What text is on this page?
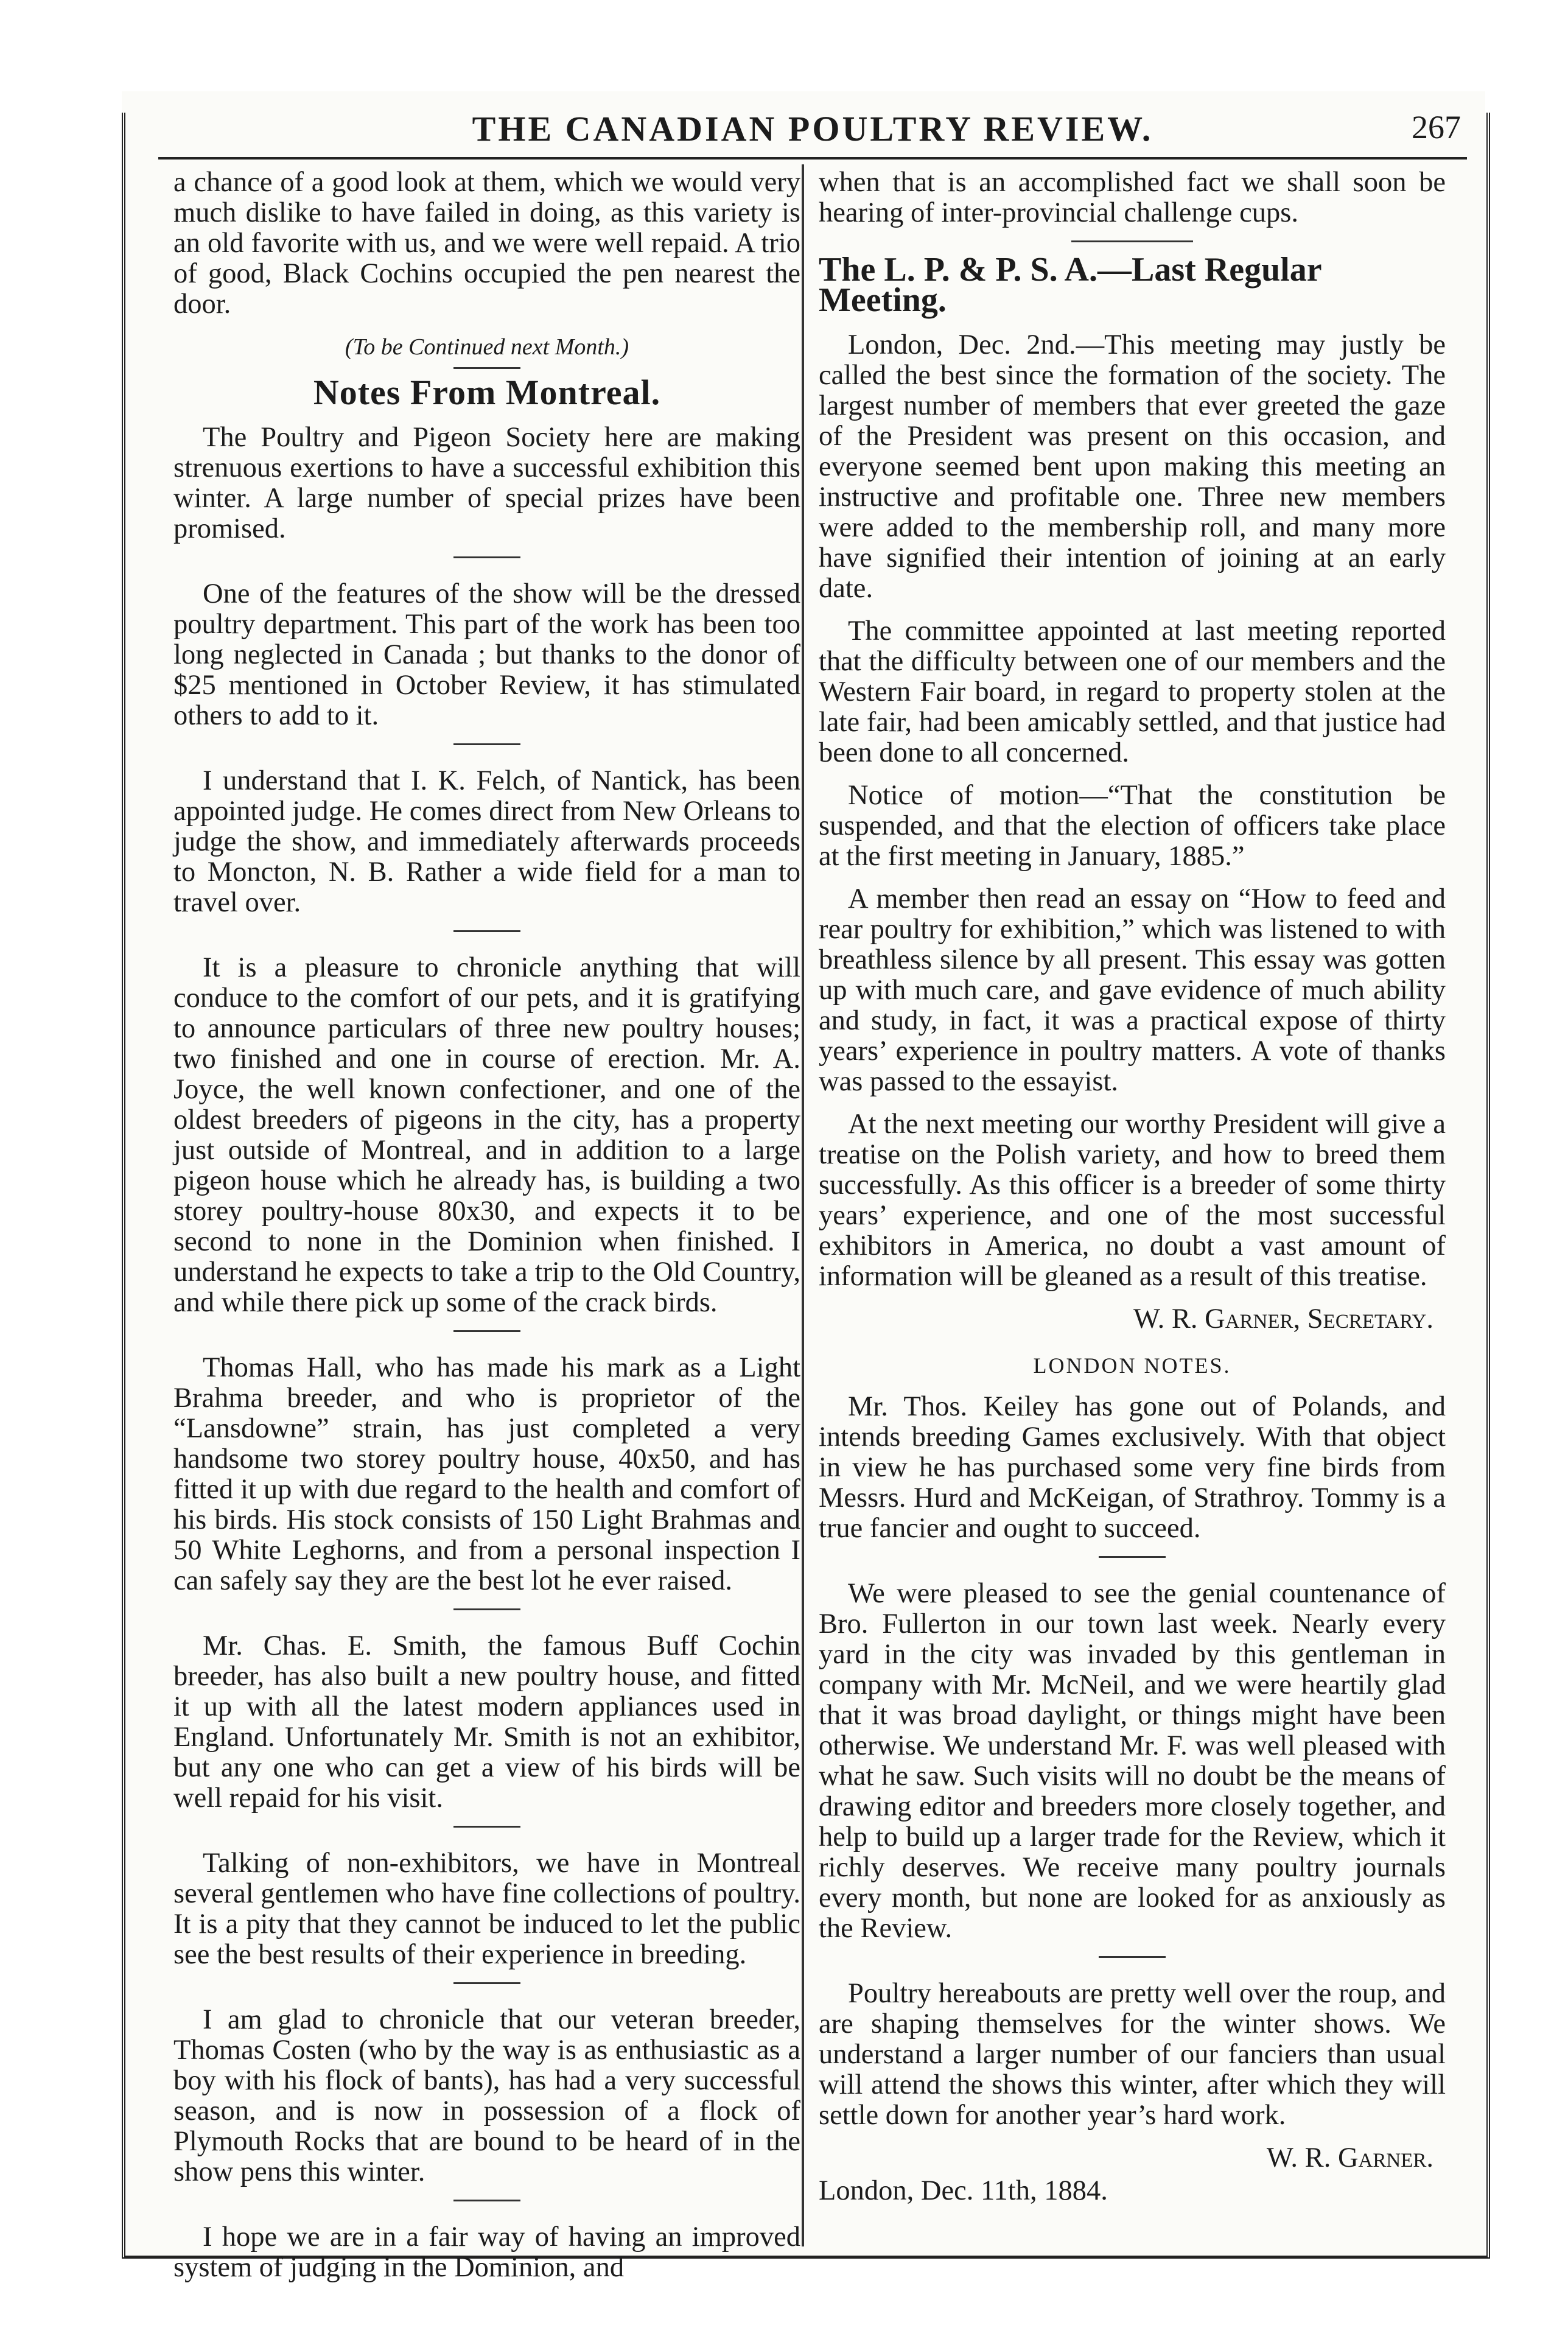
THE CANADIAN POULTRY REVIEW.	267

a chance of a good look at them, which we would very much dislike to have failed in doing, as this variety is an old favorite with us, and we were well repaid. A trio of good, Black Cochins occupied the pen nearest the door.

(To be Continued next Month.)

Notes From Montreal.

The Poultry and Pigeon Society here are making strenuous exertions to have a successful exhibition this winter. A large number of special prizes have been promised.

One of the features of the show will be the dressed poultry department. This part of the work has been too long neglected in Canada ; but thanks to the donor of $25 mentioned in October Review, it has stimulated others to add to it.

I understand that I. K. Felch, of Nantick, has been appointed judge. He comes direct from New Orleans to judge the show, and immediately afterwards proceeds to Moncton, N. B. Rather a wide field for a man to travel over.

It is a pleasure to chronicle anything that will conduce to the comfort of our pets, and it is gratifying to announce particulars of three new poultry houses; two finished and one in course of erection. Mr. A. Joyce, the well known confectioner, and one of the oldest breeders of pigeons in the city, has a property just outside of Montreal, and in addition to a large pigeon house which he already has, is building a two storey poultry-house 80x30, and expects it to be second to none in the Dominion when finished. I understand he expects to take a trip to the Old Country, and while there pick up some of the crack birds.

Thomas Hall, who has made his mark as a Light Brahma breeder, and who is proprietor of the “Lansdowne” strain, has just completed a very handsome two storey poultry house, 40x50, and has fitted it up with due regard to the health and comfort of his birds. His stock consists of 150 Light Brahmas and 50 White Leghorns, and from a personal inspection I can safely say they are the best lot he ever raised.

Mr. Chas. E. Smith, the famous Buff Cochin breeder, has also built a new poultry house, and fitted it up with all the latest modern appliances used in England. Unfortunately Mr. Smith is not an exhibitor, but any one who can get a view of his birds will be well repaid for his visit.

Talking of non-exhibitors, we have in Montreal several gentlemen who have fine collections of poultry. It is a pity that they cannot be induced to let the public see the best results of their experience in breeding.

I am glad to chronicle that our veteran breeder, Thomas Costen (who by the way is as enthusiastic as a boy with his flock of bants), has had a very successful season, and is now in possession of a flock of Plymouth Rocks that are bound to be heard of in the show pens this winter.

I hope we are in a fair way of having an improved system of judging in the Dominion, and

when that is an accomplished fact we shall soon be hearing of inter-provincial challenge cups.

The L. P. & P. S. A.—Last Regular Meeting.

London, Dec. 2nd.—This meeting may justly be called the best since the formation of the society. The largest number of members that ever greeted the gaze of the President was present on this occasion, and everyone seemed bent upon making this meeting an instructive and profitable one. Three new members were added to the membership roll, and many more have signified their intention of joining at an early date.

The committee appointed at last meeting reported that the difficulty between one of our members and the Western Fair board, in regard to property stolen at the late fair, had been amicably settled, and that justice had been done to all concerned.

Notice of motion—“That the constitution be suspended, and that the election of officers take place at the first meeting in January, 1885.”

A member then read an essay on “How to feed and rear poultry for exhibition,” which was listened to with breathless silence by all present. This essay was gotten up with much care, and gave evidence of much ability and study, in fact, it was a practical expose of thirty years’ experience in poultry matters. A vote of thanks was passed to the essayist.

At the next meeting our worthy President will give a treatise on the Polish variety, and how to breed them successfully. As this officer is a breeder of some thirty years’ experience, and one of the most successful exhibitors in America, no doubt a vast amount of information will be gleaned as a result of this treatise.

W. R. Garner, Secretary.

LONDON NOTES.

Mr. Thos. Keiley has gone out of Polands, and intends breeding Games exclusively. With that object in view he has purchased some very fine birds from Messrs. Hurd and McKeigan, of Strathroy. Tommy is a true fancier and ought to succeed.

We were pleased to see the genial countenance of Bro. Fullerton in our town last week. Nearly every yard in the city was invaded by this gentleman in company with Mr. McNeil, and we were heartily glad that it was broad daylight, or things might have been otherwise. We understand Mr. F. was well pleased with what he saw. Such visits will no doubt be the means of drawing editor and breeders more closely together, and help to build up a larger trade for the Review, which it richly deserves. We receive many poultry journals every month, but none are looked for as anxiously as the Review.

Poultry hereabouts are pretty well over the roup, and are shaping themselves for the winter shows. We understand a larger number of our fanciers than usual will attend the shows this winter, after which they will settle down for another year’s hard work.

W. R. Garner.

London, Dec. 11th, 1884.
